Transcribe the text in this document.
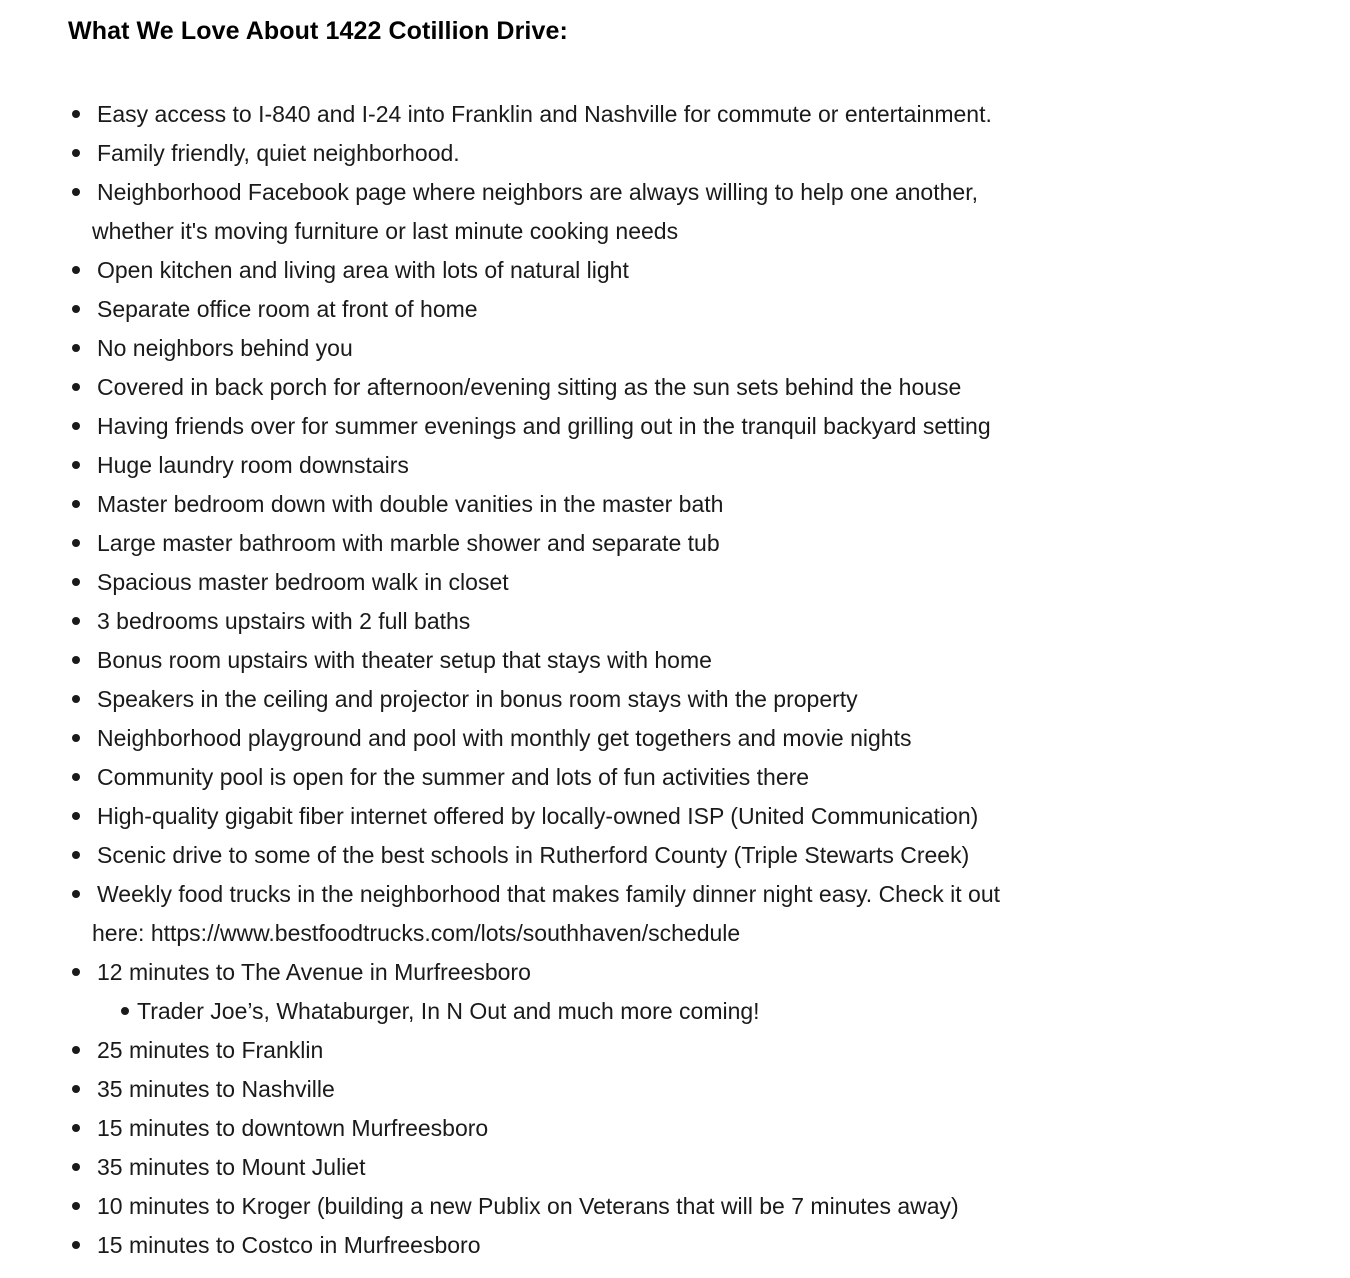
What We Love About 1422 Cotillion Drive:
Easy access to I-840 and I-24 into Franklin and Nashville for commute or entertainment.
Family friendly, quiet neighborhood.
Neighborhood Facebook page where neighbors are always willing to help one another,
whether it's moving furniture or last minute cooking needs
Open kitchen and living area with lots of natural light
Separate office room at front of home
No neighbors behind you
Covered in back porch for afternoon/evening sitting as the sun sets behind the house
Having friends over for summer evenings and grilling out in the tranquil backyard setting
Huge laundry room downstairs
Master bedroom down with double vanities in the master bath
Large master bathroom with marble shower and separate tub
Spacious master bedroom walk in closet
3 bedrooms upstairs with 2 full baths
Bonus room upstairs with theater setup that stays with home
Speakers in the ceiling and projector in bonus room stays with the property
Neighborhood playground and pool with monthly get togethers and movie nights
Community pool is open for the summer and lots of fun activities there
High-quality gigabit fiber internet offered by locally-owned ISP (United Communication)
Scenic drive to some of the best schools in Rutherford County (Triple Stewarts Creek)
Weekly food trucks in the neighborhood that makes family dinner night easy. Check it out
here: https://www.bestfoodtrucks.com/lots/southhaven/schedule
12 minutes to The Avenue in Murfreesboro
Trader Joe’s, Whataburger, In N Out and much more coming!
25 minutes to Franklin
35 minutes to Nashville
15 minutes to downtown Murfreesboro
35 minutes to Mount Juliet
10 minutes to Kroger (building a new Publix on Veterans that will be 7 minutes away)
15 minutes to Costco in Murfreesboro
